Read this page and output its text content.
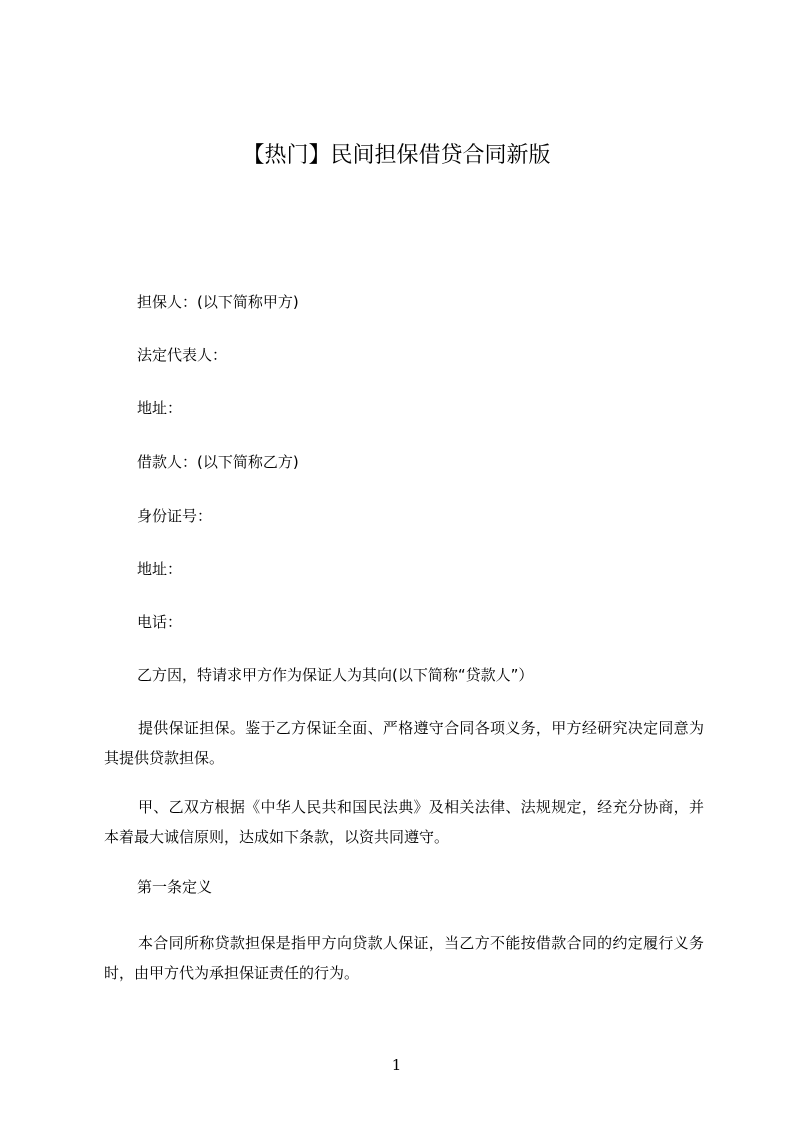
【热门】民间担保借贷合同新版
担保人：(以下简称甲方)
法定代表人：
地址：
借款人：(以下简称乙方)
身份证号：
地址：
电话：
乙方因，特请求甲方作为保证人为其向(以下简称“贷款人”）
提供保证担保。鉴于乙方保证全面、严格遵守合同各项义务，甲方经研究决定同意为其提供贷款担保。
甲、乙双方根据《中华人民共和国民法典》及相关法律、法规规定，经充分协商，并本着最大诚信原则，达成如下条款，以资共同遵守。
第一条定义
本合同所称贷款担保是指甲方向贷款人保证，当乙方不能按借款合同的约定履行义务时，由甲方代为承担保证责任的行为。
1
